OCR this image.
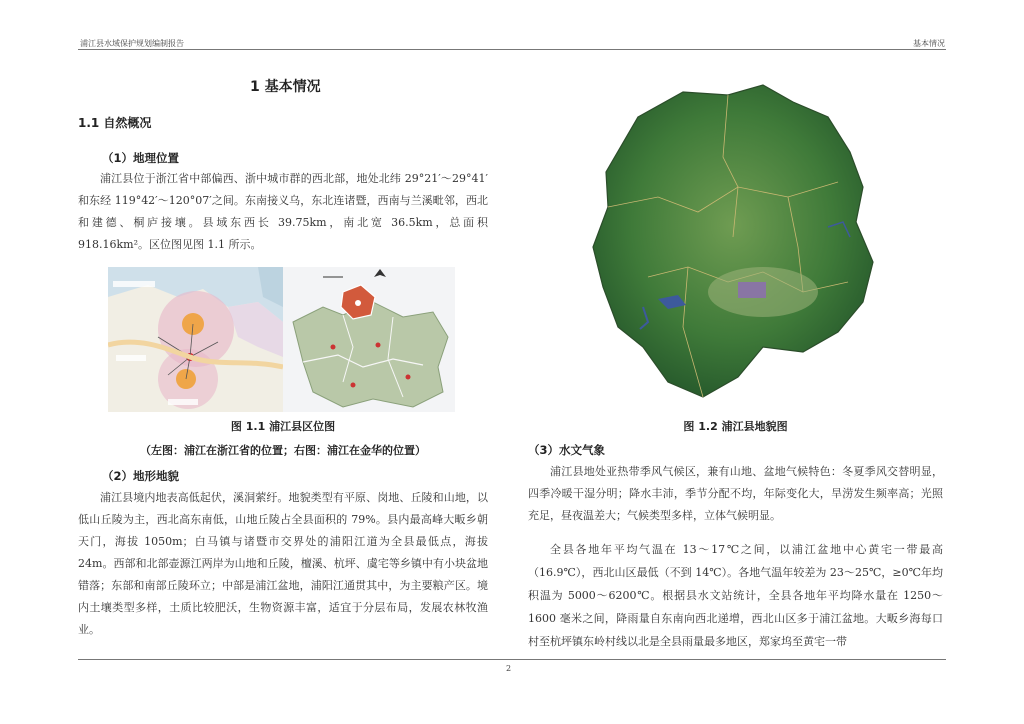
浦江县水域保护规划编制报告	基本情况
1 基本情况
1.1 自然概况
（1）地理位置
浦江县位于浙江省中部偏西、浙中城市群的西北部，地处北纬 29°21′～29°41′和东经 119°42′～120°07′之间。东南接义乌，东北连诸暨，西南与兰溪毗邻，西北和建德、桐庐接壤。县域东西长 39.75km，南北宽 36.5km，总面积 918.16km²。区位图见图 1.1 所示。
图 1.1 浦江县区位图
（左图：浦江在浙江省的位置；右图：浦江在金华的位置）
（2）地形地貌
浦江县境内地表高低起伏，溪洞萦纡。地貌类型有平原、岗地、丘陵和山地，以低山丘陵为主，西北高东南低，山地丘陵占全县面积的 79%。县内最高峰大畈乡朝天门，海拔 1050m；白马镇与诸暨市交界处的浦阳江道为全县最低点，海拔 24m。西部和北部壶源江两岸为山地和丘陵，檀溪、杭坪、虞宅等乡镇中有小块盆地错落；东部和南部丘陵环立；中部是浦江盆地，浦阳江通贯其中，为主要粮产区。境内土壤类型多样，土质比较肥沃，生物资源丰富，适宜于分层布局，发展农林牧渔业。
图 1.2 浦江县地貌图
（3）水文气象
浦江县地处亚热带季风气候区，兼有山地、盆地气候特色：冬夏季风交替明显，四季冷暖干湿分明；降水丰沛，季节分配不均，年际变化大，旱涝发生频率高；光照充足，昼夜温差大；气候类型多样，立体气候明显。
全县各地年平均气温在 13～17℃之间，以浦江盆地中心黄宅一带最高（16.9℃），西北山区最低（不到 14℃）。各地气温年较差为 23～25℃，≥0℃年均积温为 5000～6200℃。根据县水文站统计，全县各地年平均降水量在 1250～1600 毫米之间，降雨量自东南向西北递增，西北山区多于浦江盆地。大畈乡海每口村至杭坪镇东岭村线以北是全县雨量最多地区，郑家坞至黄宅一带
2
